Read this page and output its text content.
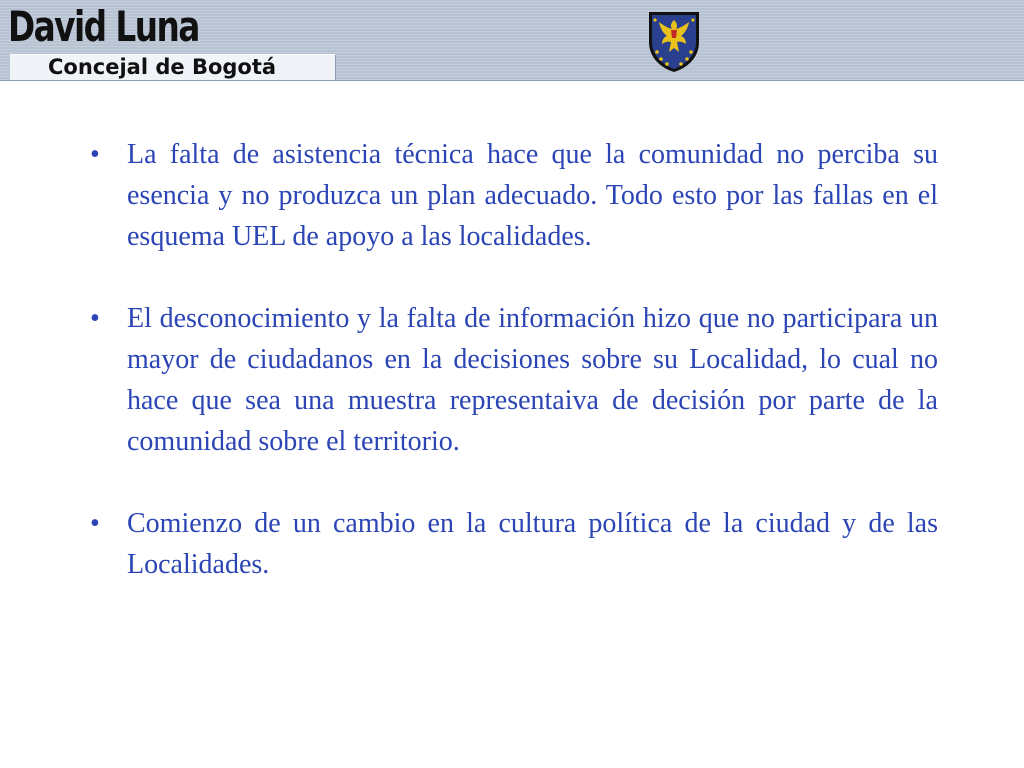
David Luna
Concejal de Bogotá
• La falta de asistencia técnica hace que la comunidad no perciba su esencia y no produzca un plan adecuado. Todo esto por las fallas en el esquema UEL de apoyo a las localidades.
• El desconocimiento y la falta de información hizo que no participara un mayor de ciudadanos en la decisiones sobre su Localidad, lo cual no hace que sea una muestra representaiva de decisión por parte de la comunidad sobre el territorio.
• Comienzo de un cambio en la cultura política de la ciudad y de las Localidades.
